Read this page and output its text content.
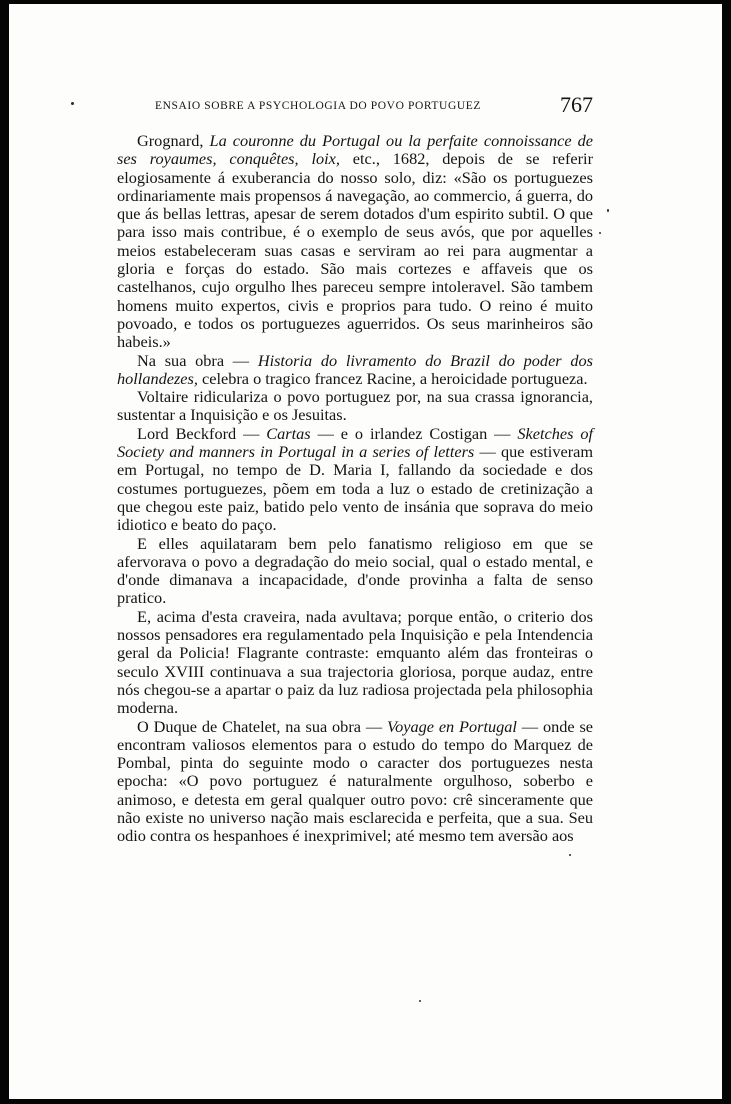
ENSAIO SOBRE A PSYCHOLOGIA DO POVO PORTUGUEZ	767

Grognard, La couronne du Portugal ou la perfaite connoissance de ses royaumes, conquêtes, loix, etc., 1682, depois de se referir elogiosamente á exuberancia do nosso solo, diz: «São os portuguezes ordinariamente mais propensos á navegação, ao commercio, á guerra, do que ás bellas lettras, apesar de serem dotados d'um espirito subtil. O que para isso mais contribue, é o exemplo de seus avós, que por aquelles meios estabeleceram suas casas e serviram ao rei para augmentar a gloria e forças do estado. São mais cortezes e affaveis que os castelhanos, cujo orgulho lhes pareceu sempre intoleravel. São tambem homens muito expertos, civis e proprios para tudo. O reino é muito povoado, e todos os portuguezes aguerridos. Os seus marinheiros são habeis.»

Na sua obra — Historia do livramento do Brazil do poder dos hollandezes, celebra o tragico francez Racine, a heroicidade portugueza.

Voltaire ridiculariza o povo portuguez por, na sua crassa ignorancia, sustentar a Inquisição e os Jesuitas.

Lord Beckford — Cartas — e o irlandez Costigan — Sketches of Society and manners in Portugal in a series of letters — que estiveram em Portugal, no tempo de D. Maria I, fallando da sociedade e dos costumes portuguezes, põem em toda a luz o estado de cretinização a que chegou este paiz, batido pelo vento de insánia que soprava do meio idiotico e beato do paço.

E elles aquilataram bem pelo fanatismo religioso em que se afervorava o povo a degradação do meio social, qual o estado mental, e d'onde dimanava a incapacidade, d'onde provinha a falta de senso pratico.

E, acima d'esta craveira, nada avultava; porque então, o criterio dos nossos pensadores era regulamentado pela Inquisição e pela Intendencia geral da Policia! Flagrante contraste: emquanto além das fronteiras o seculo XVIII continuava a sua trajectoria gloriosa, porque audaz, entre nós chegou-se a apartar o paiz da luz radiosa projectada pela philosophia moderna.

O Duque de Chatelet, na sua obra — Voyage en Portugal — onde se encontram valiosos elementos para o estudo do tempo do Marquez de Pombal, pinta do seguinte modo o caracter dos portuguezes nesta epocha: «O povo portuguez é naturalmente orgulhoso, soberbo e animoso, e detesta em geral qualquer outro povo: crê sinceramente que não existe no universo nação mais esclarecida e perfeita, que a sua. Seu odio contra os hespanhoes é inexprimivel; até mesmo tem aversão aos
